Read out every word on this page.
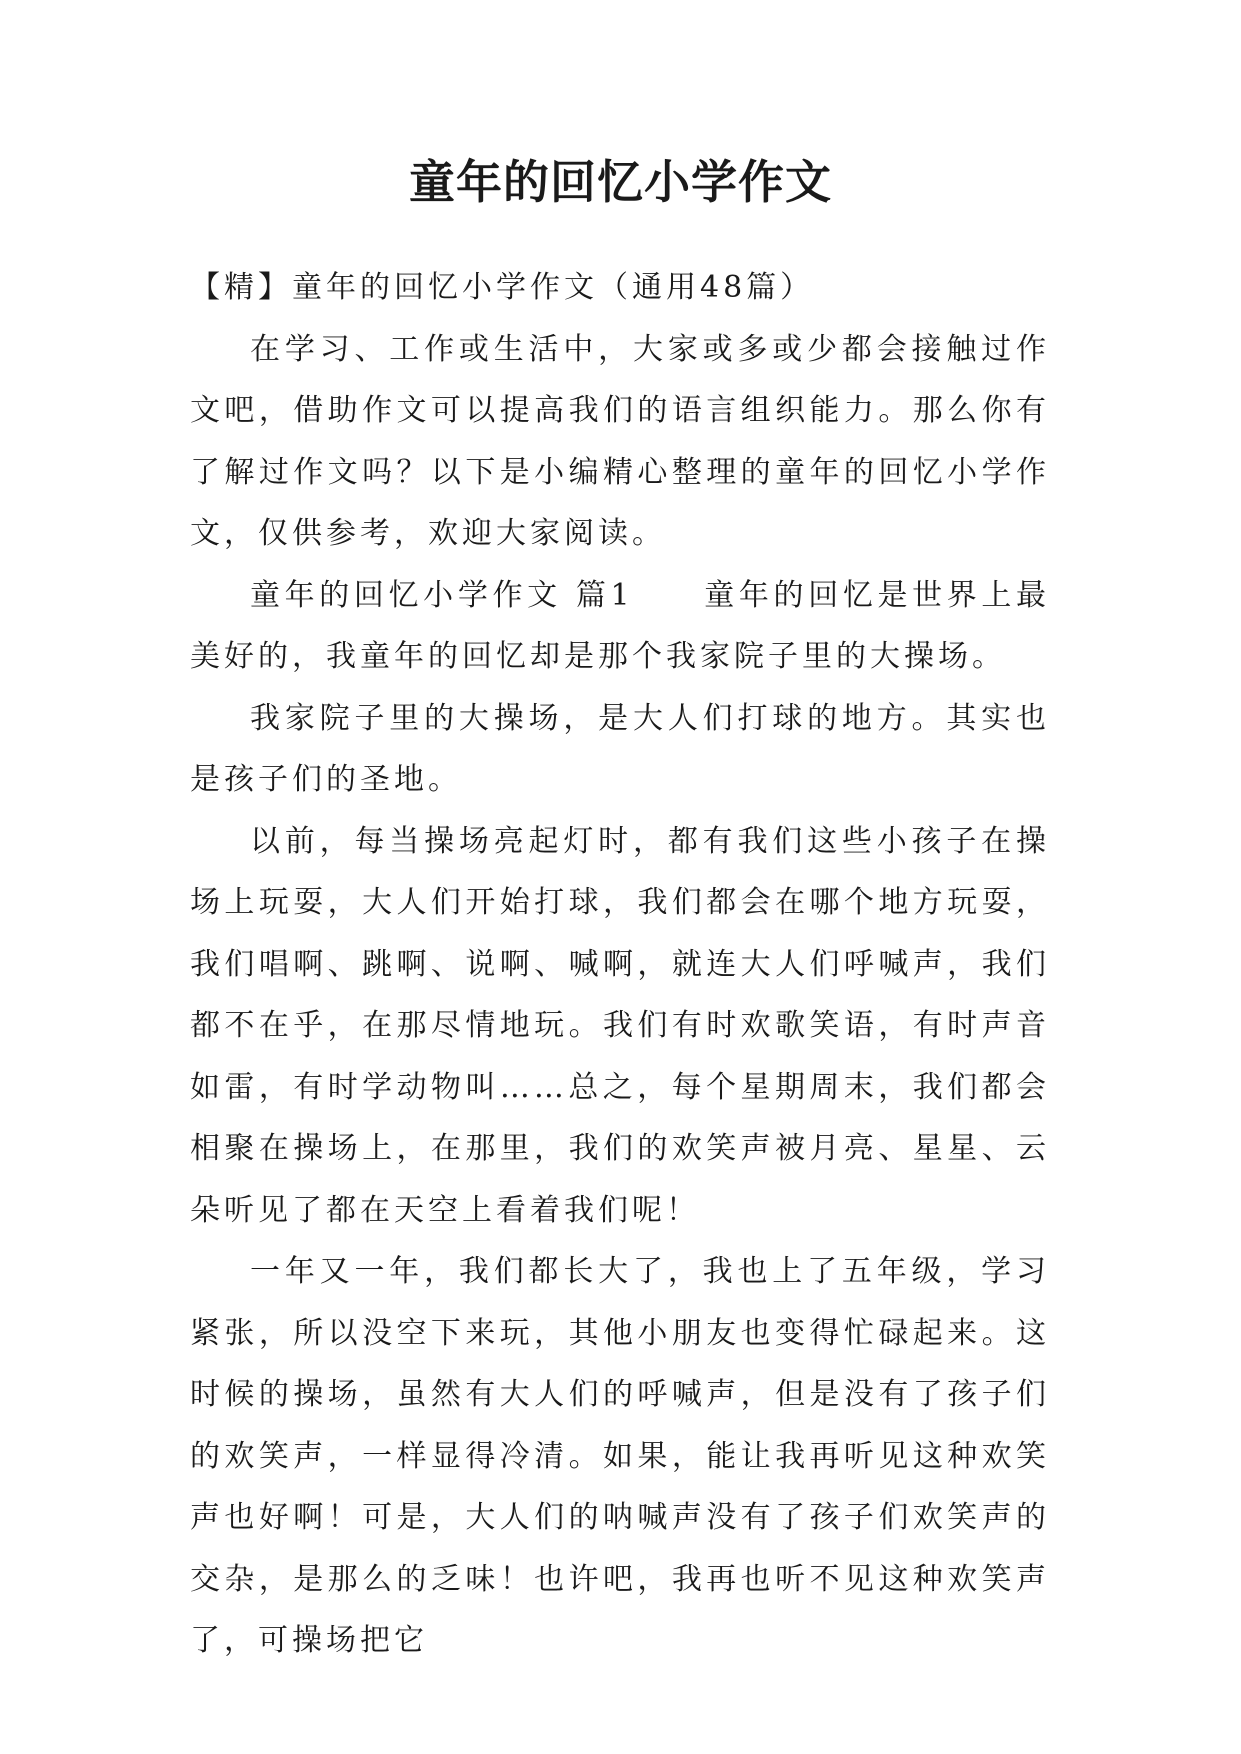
童年的回忆小学作文

【精】童年的回忆小学作文（通用48篇）

在学习、工作或生活中，大家或多或少都会接触过作文吧，借助作文可以提高我们的语言组织能力。那么你有了解过作文吗？以下是小编精心整理的童年的回忆小学作文，仅供参考，欢迎大家阅读。

童年的回忆小学作文 篇1 童年的回忆是世界上最美好的，我童年的回忆却是那个我家院子里的大操场。

我家院子里的大操场，是大人们打球的地方。其实也是孩子们的圣地。

以前，每当操场亮起灯时，都有我们这些小孩子在操场上玩耍，大人们开始打球，我们都会在哪个地方玩耍，我们唱啊、跳啊、说啊、喊啊，就连大人们呼喊声，我们都不在乎，在那尽情地玩。我们有时欢歌笑语，有时声音如雷，有时学动物叫……总之，每个星期周末，我们都会相聚在操场上，在那里，我们的欢笑声被月亮、星星、云朵听见了都在天空上看着我们呢！

一年又一年，我们都长大了，我也上了五年级，学习紧张，所以没空下来玩，其他小朋友也变得忙碌起来。这时候的操场，虽然有大人们的呼喊声，但是没有了孩子们的欢笑声，一样显得冷清。如果，能让我再听见这种欢笑声也好啊！可是，大人们的呐喊声没有了孩子们欢笑声的交杂，是那么的乏味！也许吧，我再也听不见这种欢笑声了，可操场把它
